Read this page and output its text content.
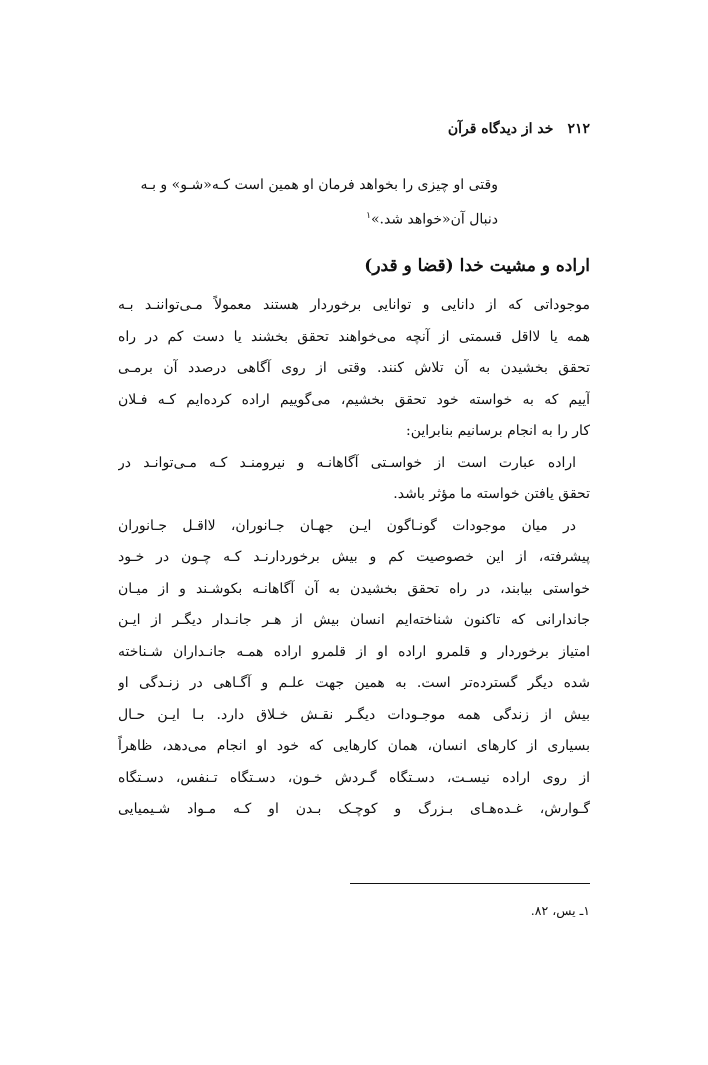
۲۱۲
خد از دیدگاه قرآن
وقتی او چیزی را بخواهد فرمان او همین است کـه«شـو» و بـه
دنبال آن«خواهد شد.»$^۱$
اراده و مشیت خدا (قضا و قدر)

موجوداتی که از دانایی و توانایی برخوردار هستند معمولاً مـی‌تواننـد بـه
همه یا لااقل قسمتی از آنچه می‌خواهند تحقق بخشند یا دست کم در راه
تحقق بخشیدن به آن تلاش کنند. وقتی از روی آگاهی درصدد آن برمـی
آییم که به خواسته خود تحقق بخشیم، می‌گوییم اراده کرده‌ایم کـه فـلان
کار را به انجام برسانیم بنابراین:

اراده عبارت است از خواسـتی آگاهانـه و نیرومنـد کـه مـی‌توانـد در
تحقق یافتن خواسته ما مؤثر باشد.

در میان موجودات گونـاگون ایـن جهـان جـانوران، لااقـل جـانوران
پیشرفته، از این خصوصیت کم و بیش برخوردارنـد کـه چـون در خـود
خواستی بیابند، در راه تحقق بخشیدن به آن آگاهانـه بکوشـند و از میـان
جاندارانی که تاکنون شناخته‌ایم انسان بیش از هـر جانـدار دیگـر از ایـن
امتیاز برخوردار و قلمرو اراده او از قلمرو اراده همـه جانـداران شـناخته
شده دیگر گسترده‌تر است. به همین جهت علـم و آگـاهی در زنـدگی او
بیش از زندگی همه موجـودات دیگـر نقـش خـلاق دارد. بـا ایـن حـال
بسیاری از کارهای انسان، همان کارهایی که خود او انجام می‌دهد، ظاهراً
از روی اراده نیسـت، دسـتگاه گـردش خـون، دسـتگاه تـنفس، دسـتگاه
گـوارش، غـده‌هـای بـزرگ و کوچـک بـدن او کـه مـواد شـیمیایی

۱ـ یس، ۸۲.
